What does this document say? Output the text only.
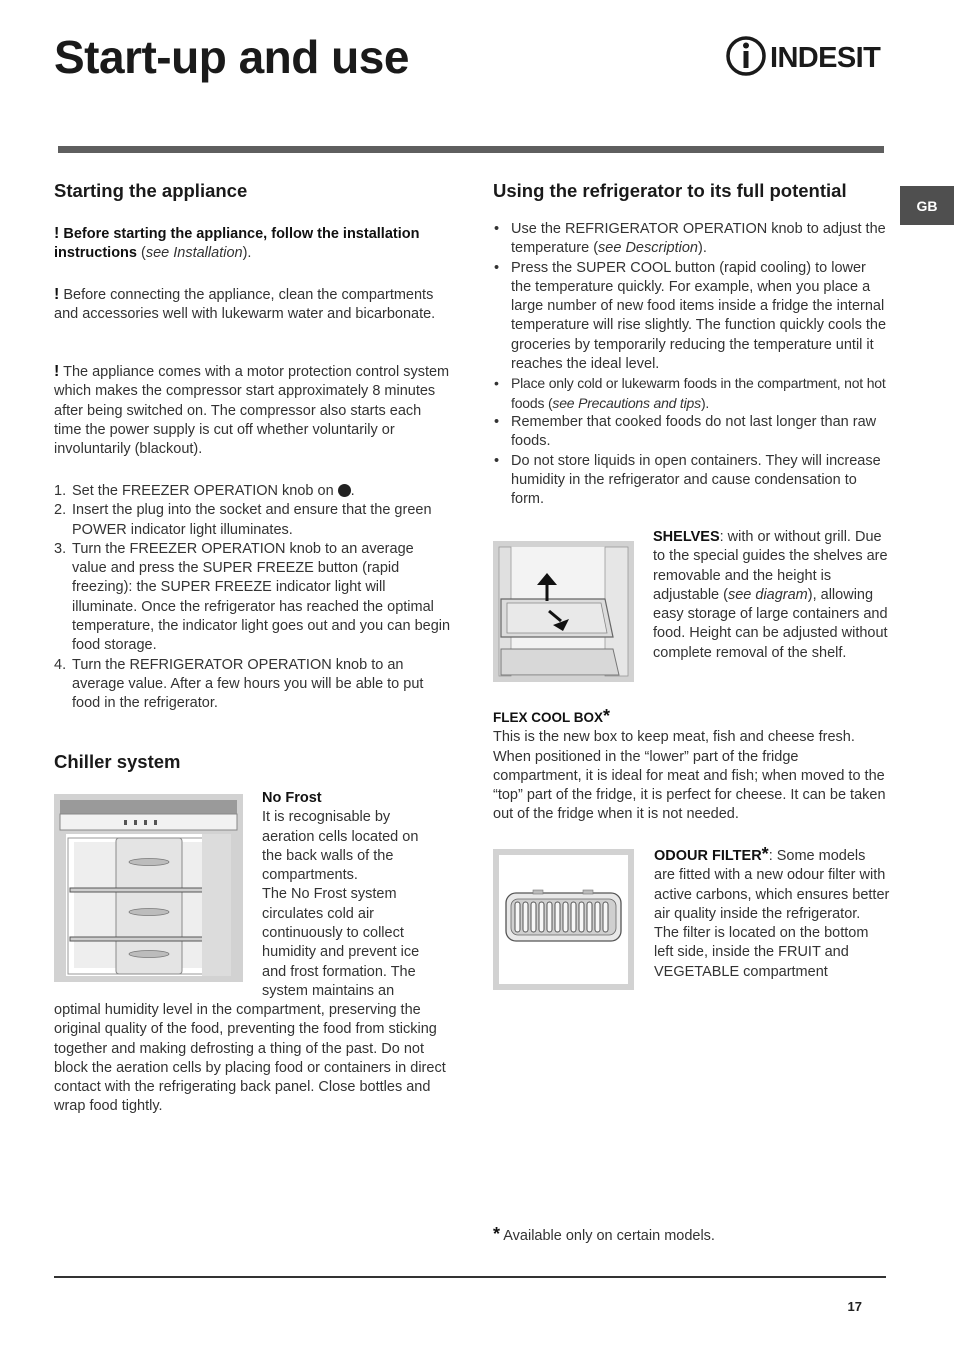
Start-up and use	INDESIT
GB
Starting the appliance

! Before starting the appliance, follow the installation instructions (see Installation).

! Before connecting the appliance, clean the compartments and accessories well with lukewarm water and bicarbonate.

! The appliance comes with a motor protection control system which makes the compressor start approximately 8 minutes after being switched on. The compressor also starts each time the power supply is cut off whether voluntarily or involuntarily (blackout).

1. Set the FREEZER OPERATION knob on .
2. Insert the plug into the socket and ensure that the green POWER indicator light illuminates.
3. Turn the FREEZER OPERATION knob to an average value and press the SUPER FREEZE button (rapid freezing): the SUPER FREEZE indicator light will illuminate. Once the refrigerator has reached the optimal temperature, the indicator light goes out and you can begin food storage.
4. Turn the REFRIGERATOR OPERATION knob to an average value. After a few hours you will be able to put food in the refrigerator.
Chiller system

No Frost

It is recognisable by

aeration cells located on

the back walls of the

compartments.

The No Frost system

circulates cold air

continuously to collect

humidity and prevent ice

and frost formation. The

system maintains an

optimal humidity level in the compartment, preserving the original quality of the food, preventing the food from sticking together and making defrosting a thing of the past. Do not block the aeration cells by placing food or containers in direct contact with the refrigerating back panel. Close bottles and wrap food tightly.
Using the refrigerator to its full potential
• Use the REFRIGERATOR OPERATION knob to adjust the temperature (see Description).
• Press the SUPER COOL button (rapid cooling) to lower the temperature quickly. For example, when you place a large number of new food items inside a fridge the internal temperature will rise slightly. The function quickly cools the groceries by temporarily reducing the temperature until it reaches the ideal level.
• Place only cold or lukewarm foods in the compartment, not hot foods (see Precautions and tips).
• Remember that cooked foods do not last longer than raw foods.
• Do not store liquids in open containers. They will increase humidity in the refrigerator and cause condensation to form.

SHELVES: with or without grill. Due to the special guides the shelves are removable and the height is adjustable (see diagram), allowing easy storage of large containers and food. Height can be adjusted without complete removal of the shelf.

FLEX COOL BOX*

This is the new box to keep meat, fish and cheese fresh. When positioned in the “lower” part of the fridge compartment, it is ideal for meat and fish; when moved to the “top” part of the fridge, it is perfect for cheese. It can be taken out of the fridge when it is not needed.

ODOUR FILTER*: Some models are fitted with a new odour filter with active carbons, which ensures better air quality inside the refrigerator.

The filter is located on the bottom left side, inside the FRUIT and VEGETABLE compartment

* Available only on certain models.
17
